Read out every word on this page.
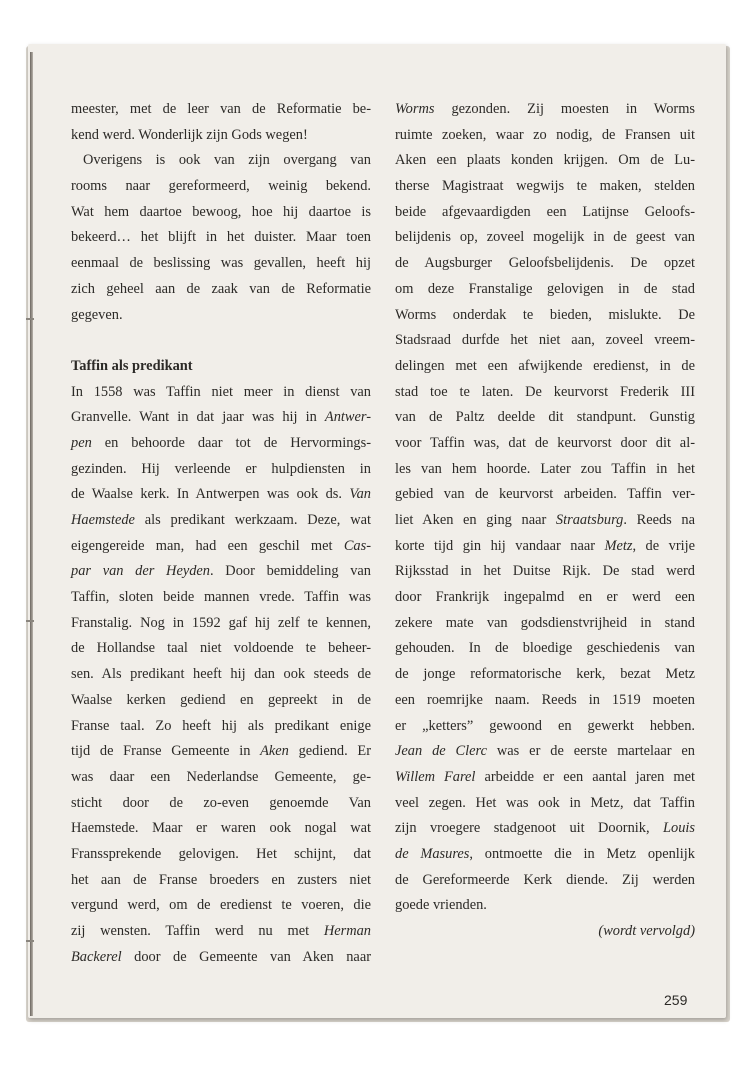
meester, met de leer van de Reformatie be-
kend werd. Wonderlijk zijn Gods wegen!
Overigens is ook van zijn overgang van
rooms naar gereformeerd, weinig bekend.
Wat hem daartoe bewoog, hoe hij daartoe is
bekeerd… het blijft in het duister. Maar toen
eenmaal de beslissing was gevallen, heeft hij
zich geheel aan de zaak van de Reformatie
gegeven.
Taffin als predikant
In 1558 was Taffin niet meer in dienst van
Granvelle. Want in dat jaar was hij in Antwer-
pen en behoorde daar tot de Hervormings-
gezinden. Hij verleende er hulpdiensten in
de Waalse kerk. In Antwerpen was ook ds. Van
Haemstede als predikant werkzaam. Deze, wat
eigengereide man, had een geschil met Cas-
par van der Heyden. Door bemiddeling van
Taffin, sloten beide mannen vrede. Taffin was
Franstalig. Nog in 1592 gaf hij zelf te kennen,
de Hollandse taal niet voldoende te beheer-
sen. Als predikant heeft hij dan ook steeds de
Waalse kerken gediend en gepreekt in de
Franse taal. Zo heeft hij als predikant enige
tijd de Franse Gemeente in Aken gediend. Er
was daar een Nederlandse Gemeente, ge-
sticht door de zo-even genoemde Van
Haemstede. Maar er waren ook nogal wat
Franssprekende gelovigen. Het schijnt, dat
het aan de Franse broeders en zusters niet
vergund werd, om de eredienst te voeren, die
zij wensten. Taffin werd nu met Herman
Backerel door de Gemeente van Aken naar
Worms gezonden. Zij moesten in Worms
ruimte zoeken, waar zo nodig, de Fransen uit
Aken een plaats konden krijgen. Om de Lu-
therse Magistraat wegwijs te maken, stelden
beide afgevaardigden een Latijnse Geloofs-
belijdenis op, zoveel mogelijk in de geest van
de Augsburger Geloofsbelijdenis. De opzet
om deze Franstalige gelovigen in de stad
Worms onderdak te bieden, mislukte. De
Stadsraad durfde het niet aan, zoveel vreem-
delingen met een afwijkende eredienst, in de
stad toe te laten. De keurvorst Frederik III
van de Paltz deelde dit standpunt. Gunstig
voor Taffin was, dat de keurvorst door dit al-
les van hem hoorde. Later zou Taffin in het
gebied van de keurvorst arbeiden. Taffin ver-
liet Aken en ging naar Straatsburg. Reeds na
korte tijd gin hij vandaar naar Metz, de vrije
Rijksstad in het Duitse Rijk. De stad werd
door Frankrijk ingepalmd en er werd een
zekere mate van godsdienstvrijheid in stand
gehouden. In de bloedige geschiedenis van
de jonge reformatorische kerk, bezat Metz
een roemrijke naam. Reeds in 1519 moeten
er „ketters” gewoond en gewerkt hebben.
Jean de Clerc was er de eerste martelaar en
Willem Farel arbeidde er een aantal jaren met
veel zegen. Het was ook in Metz, dat Taffin
zijn vroegere stadgenoot uit Doornik, Louis
de Masures, ontmoette die in Metz openlijk
de Gereformeerde Kerk diende. Zij werden
goede vrienden.
(wordt vervolgd)
259
